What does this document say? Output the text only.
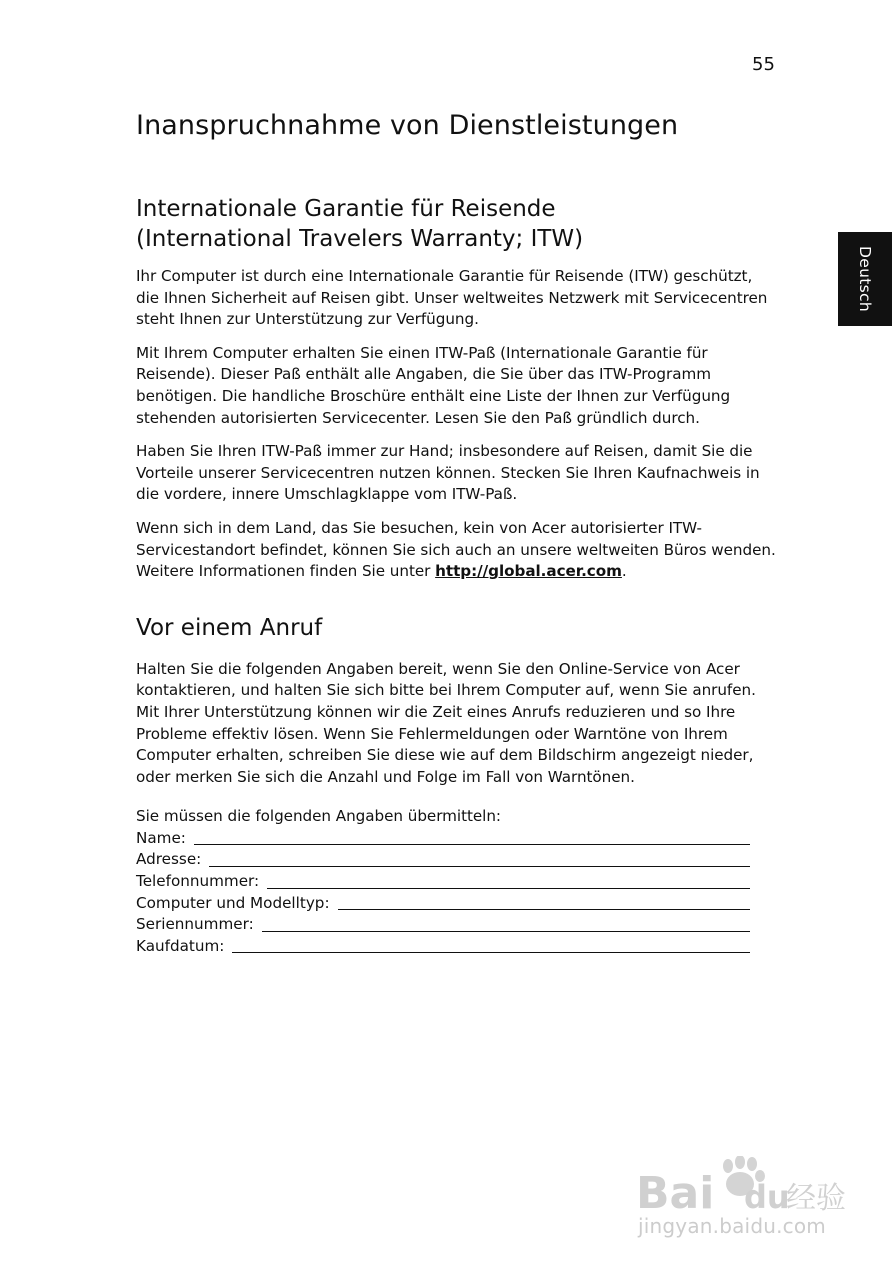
55
Deutsch
Inanspruchnahme von Dienstleistungen
Internationale Garantie für Reisende
(International Travelers Warranty; ITW)

Ihr Computer ist durch eine Internationale Garantie für Reisende (ITW) geschützt, die Ihnen Sicherheit auf Reisen gibt. Unser weltweites Netzwerk mit Servicecentren steht Ihnen zur Unterstützung zur Verfügung.

Mit Ihrem Computer erhalten Sie einen ITW-Paß (Internationale Garantie für Reisende). Dieser Paß enthält alle Angaben, die Sie über das ITW-Programm benötigen. Die handliche Broschüre enthält eine Liste der Ihnen zur Verfügung stehenden autorisierten Servicecenter. Lesen Sie den Paß gründlich durch.

Haben Sie Ihren ITW-Paß immer zur Hand; insbesondere auf Reisen, damit Sie die Vorteile unserer Servicecentren nutzen können. Stecken Sie Ihren Kaufnachweis in die vordere, innere Umschlagklappe vom ITW-Paß.

Wenn sich in dem Land, das Sie besuchen, kein von Acer autorisierter ITW-Servicestandort befindet, können Sie sich auch an unsere weltweiten Büros wenden. Weitere Informationen finden Sie unter http://global.acer.com.

Vor einem Anruf

Halten Sie die folgenden Angaben bereit, wenn Sie den Online-Service von Acer kontaktieren, und halten Sie sich bitte bei Ihrem Computer auf, wenn Sie anrufen. Mit Ihrer Unterstützung können wir die Zeit eines Anrufs reduzieren und so Ihre Probleme effektiv lösen. Wenn Sie Fehlermeldungen oder Warntöne von Ihrem Computer erhalten, schreiben Sie diese wie auf dem Bildschirm angezeigt nieder, oder merken Sie sich die Anzahl und Folge im Fall von Warntönen.

Sie müssen die folgenden Angaben übermitteln:

Name:
Adresse:
Telefonnummer:
Computer und Modelltyp:
Seriennummer:
Kaufdatum:
Bai du
经验
jingyan.baidu.com
